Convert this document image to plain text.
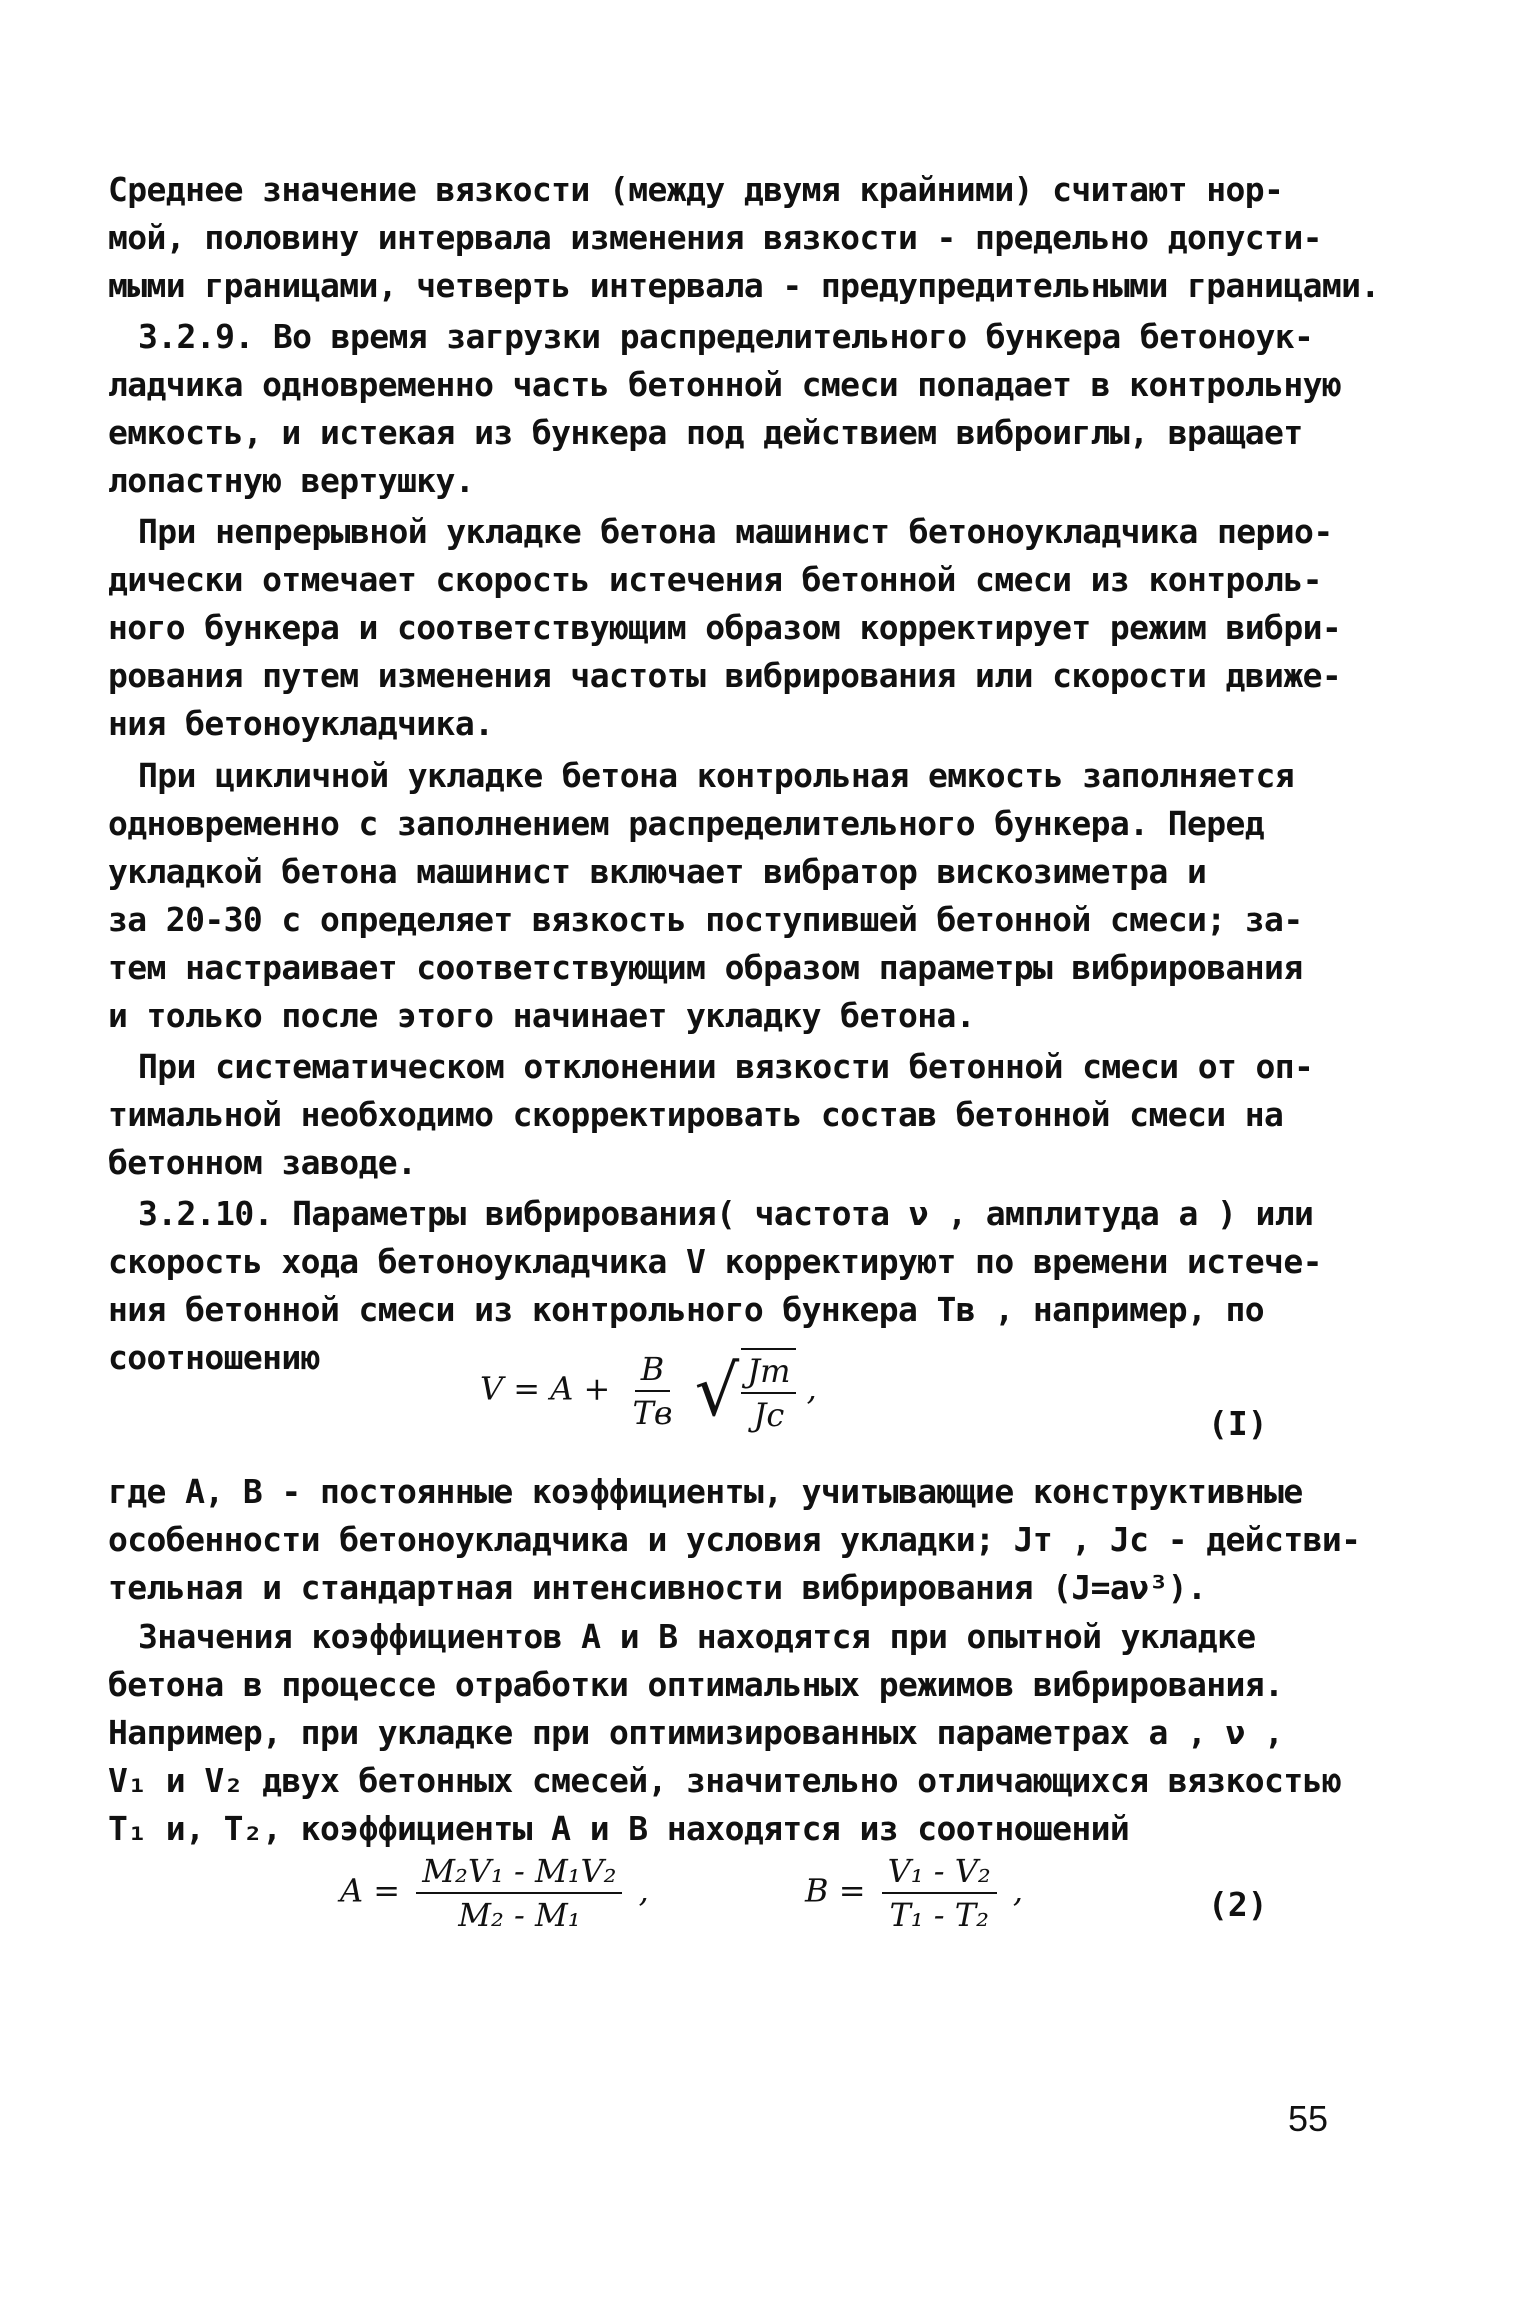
Среднее значение вязкости (между двумя крайними) считают нор-
мой, половину интервала изменения вязкости - предельно допусти-
мыми границами, четверть интервала - предупредительными границами.
3.2.9. Во время загрузки распределительного бункера бетоноук-
ладчика одновременно часть бетонной смеси попадает в контрольную
емкость, и истекая из бункера под действием виброиглы, вращает
лопастную вертушку.
При непрерывной укладке бетона машинист бетоноукладчика перио-
дически отмечает скорость истечения бетонной смеси из контроль-
ного бункера и соответствующим образом корректирует режим вибри-
рования путем изменения частоты вибрирования или скорости движе-
ния бетоноукладчика.
При цикличной укладке бетона контрольная емкость заполняется
одновременно с заполнением распределительного бункера. Перед
укладкой бетона машинист включает вибратор вискозиметра и
за 20-30 с определяет вязкость поступившей бетонной смеси; за-
тем настраивает соответствующим образом параметры вибрирования
и только после этого начинает укладку бетона.
При систематическом отклонении вязкости бетонной смеси от оп-
тимальной необходимо скорректировать состав бетонной смеси на
бетонном заводе.
3.2.10. Параметры вибрирования( частота ν , амплитуда a ) или
скорость хода бетоноукладчика V корректируют по времени истече-
ния бетонной смеси из контрольного бункера Tв , например, по
соотношению
$V = A + \frac{B}{Tв}$
√ $\frac{Jт}{Jс}$ ,
(I)
где А, В - постоянные коэффициенты, учитывающие конструктивные
особенности бетоноукладчика и условия укладки; Jт , Jс - действи-
тельная и стандартная интенсивности вибрирования (J=aν³).
Значения коэффициентов А и В находятся при опытной укладке
бетона в процессе отработки оптимальных режимов вибрирования.
Например, при укладке при оптимизированных параметрах a , ν ,
V₁ и V₂ двух бетонных смесей, значительно отличающихся вязкостью
T₁ и, T₂, коэффициенты А и В находятся из соотношений
$A = \frac{\text{M₂V₁ - M₁V₂}}{\text{M₂ - M₁}}$ ,	$B = \frac{\text{V₁ - V₂}}{\text{T₁ - T₂}}$ ,	(2)
55
